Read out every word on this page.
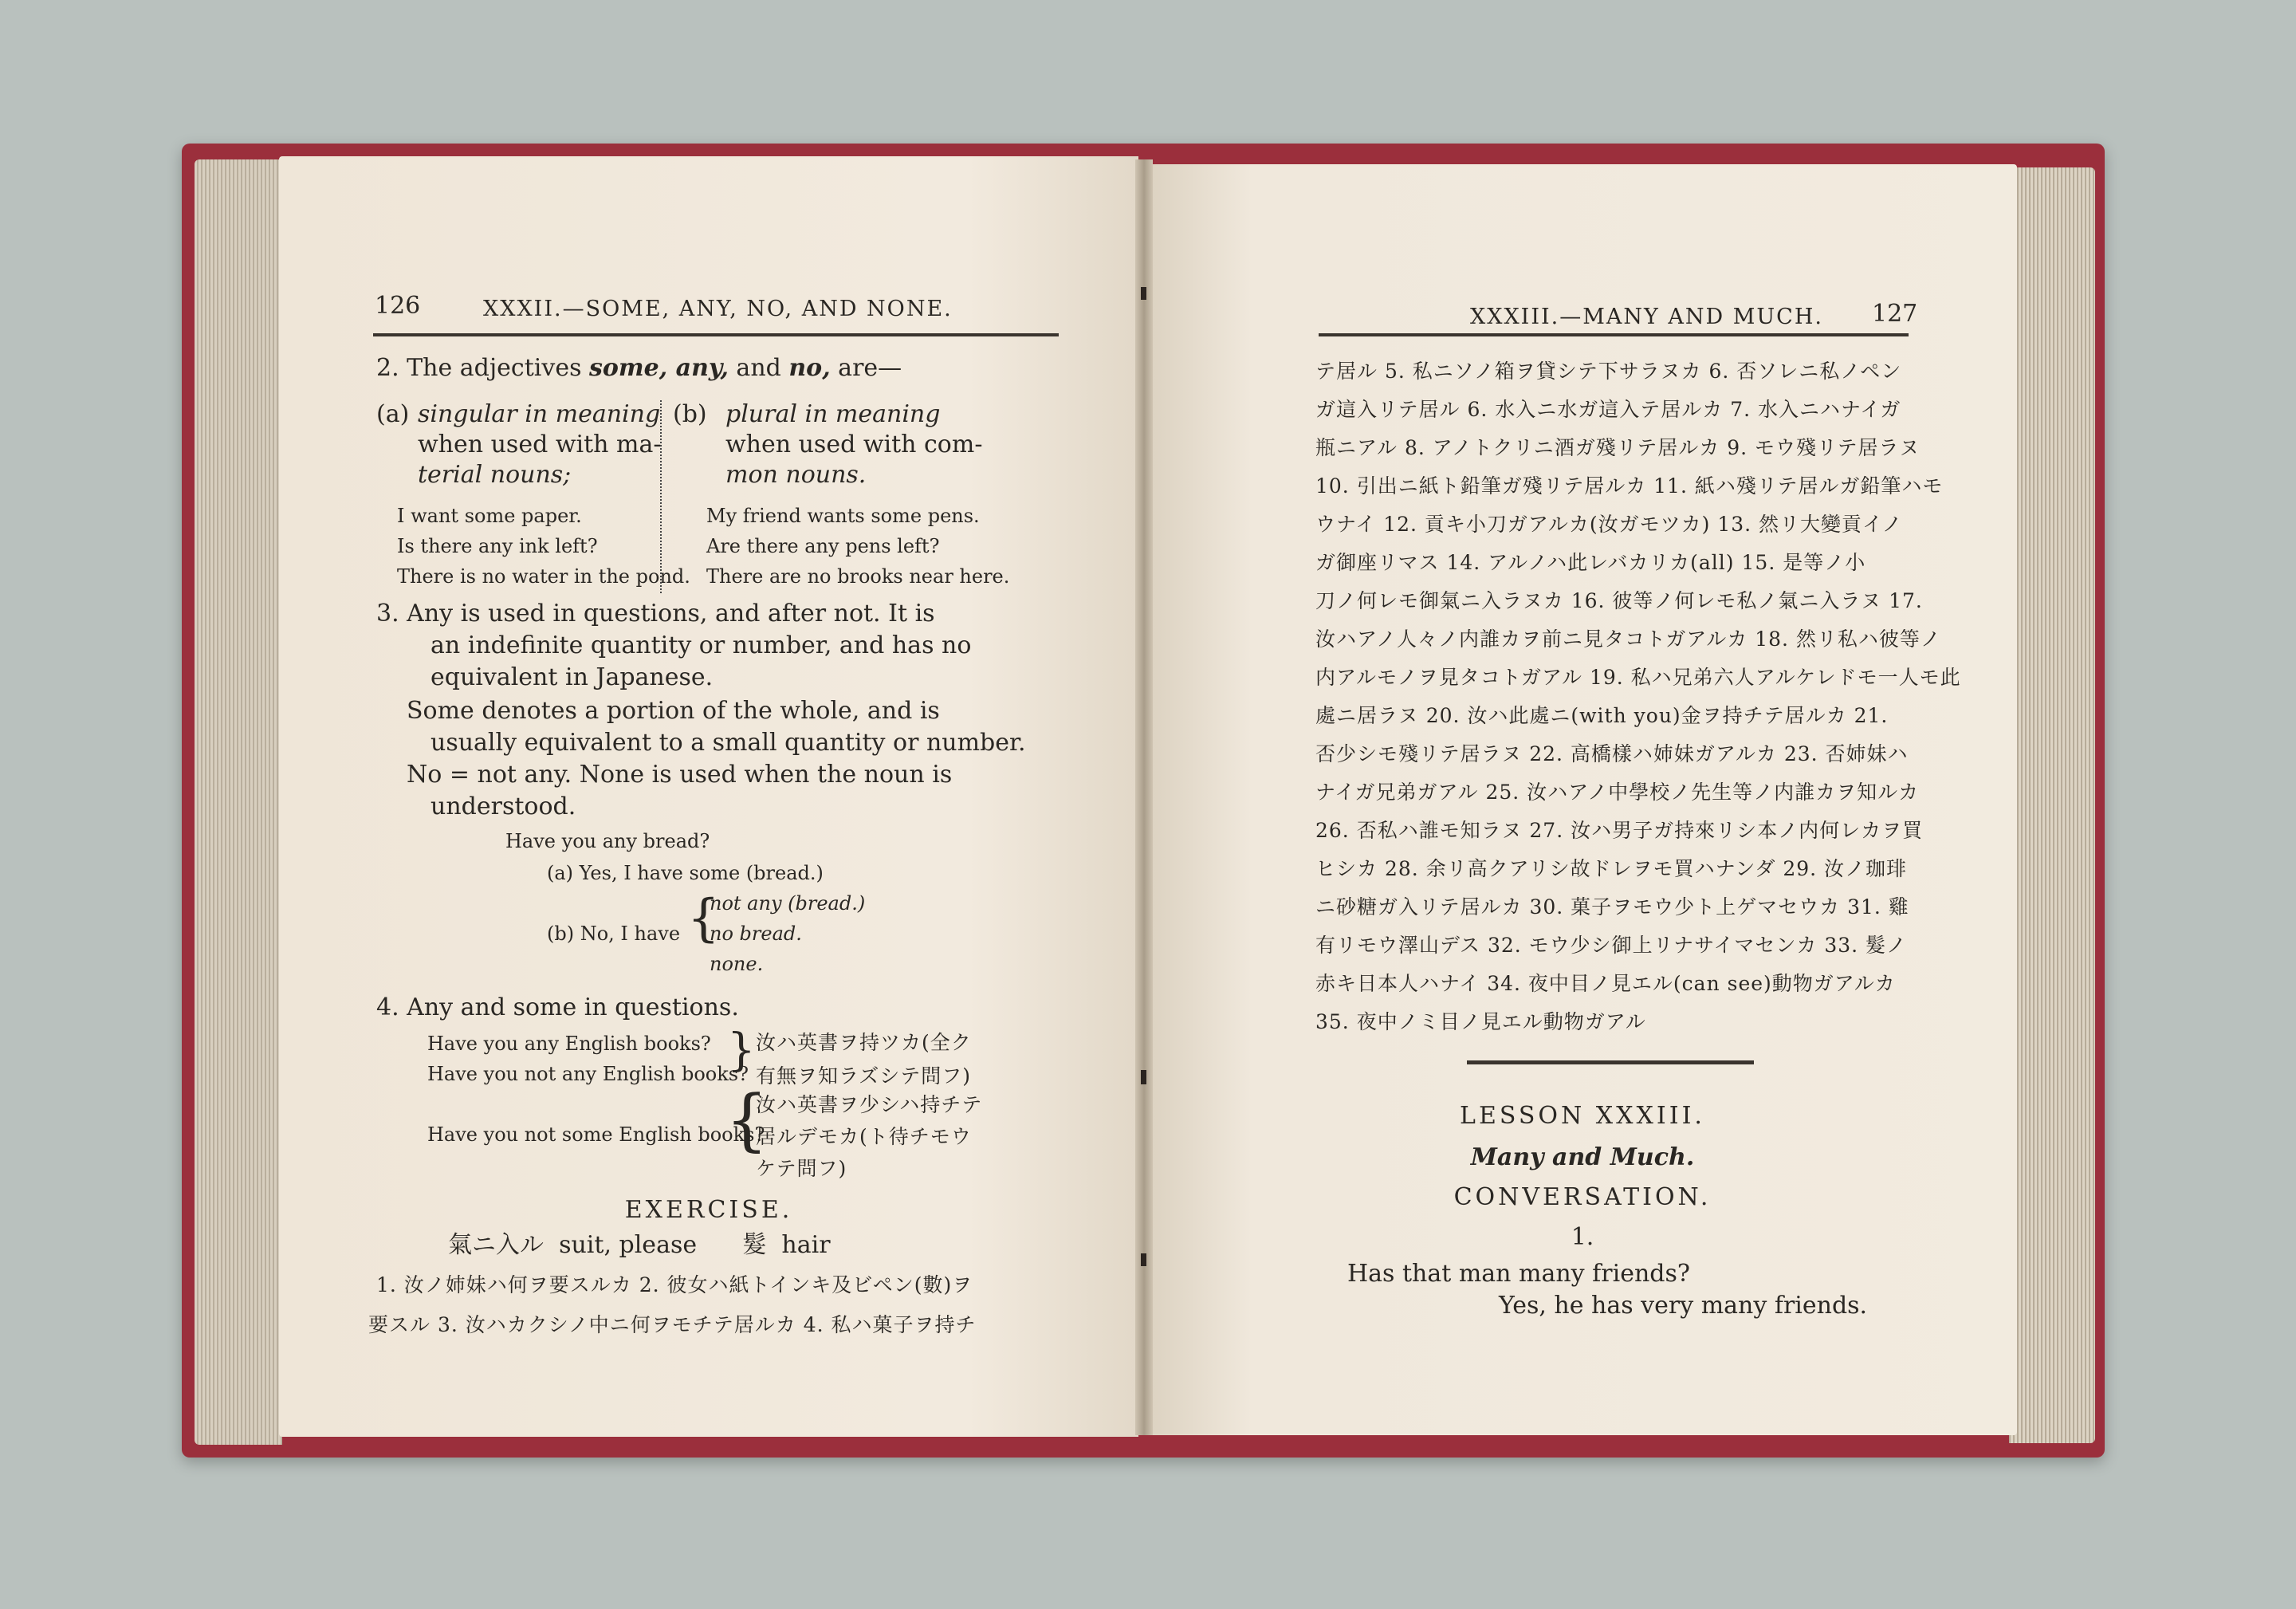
126	XXXII.—SOME, ANY, NO, AND NONE.
2. The adjectives some, any, and no, are—
(a) singular in meaning
when used with ma-
terial nouns;
I want some paper.
Is there any ink left?
There is no water in the pond.
(b) plural in meaning
when used with com-
mon nouns.
My friend wants some pens.
Are there any pens left?
There are no brooks near here.
3. Any is used in questions, and after not. It is
an indefinite quantity or number, and has no
equivalent in Japanese.
Some denotes a portion of the whole, and is
usually equivalent to a small quantity or number.
No = not any. None is used when the noun is
understood.
Have you any bread?
(a) Yes, I have some (bread.)
(b) No, I have {
not any (bread.)
no bread.
none.
4. Any and some in questions.
Have you any English books?
Have you not any English books?
} 汝ハ英書ヲ持ツカ(全ク
有無ヲ知ラズシテ問フ)
Have you not some English books?
{
汝ハ英書ヲ少シハ持チテ
居ルデモカ(ト待チモウ
ケテ問フ)
EXERCISE.
氣ニ入ル  suit, please      髮  hair
1. 汝ノ姉妹ハ何ヲ要スルカ 2. 彼女ハ紙トインキ及ビペン(數)ヲ
要スル 3. 汝ハカクシノ中ニ何ヲモチテ居ルカ 4. 私ハ菓子ヲ持チ
XXXIII.—MANY AND MUCH. 127
テ居ル 5. 私ニソノ箱ヲ貸シテ下サラヌカ 6. 否ソレニ私ノペン
ガ這入リテ居ル 6. 水入ニ水ガ這入テ居ルカ 7. 水入ニハナイガ
瓶ニアル 8. アノトクリニ酒ガ殘リテ居ルカ 9. モウ殘リテ居ラヌ
10. 引出ニ紙ト鉛筆ガ殘リテ居ルカ 11. 紙ハ殘リテ居ルガ鉛筆ハモ
ウナイ 12. 貢キ小刀ガアルカ(汝ガモツカ) 13. 然リ大變貢イノ
ガ御座リマス 14. アルノハ此レバカリカ(all) 15. 是等ノ小
刀ノ何レモ御氣ニ入ラヌカ 16. 彼等ノ何レモ私ノ氣ニ入ラヌ 17.
汝ハアノ人々ノ内誰カヲ前ニ見タコトガアルカ 18. 然リ私ハ彼等ノ
内アルモノヲ見タコトガアル 19. 私ハ兄弟六人アルケレドモ一人モ此
處ニ居ラヌ 20. 汝ハ此處ニ(with you)金ヲ持チテ居ルカ 21.
否少シモ殘リテ居ラヌ 22. 高橋樣ハ姉妹ガアルカ 23. 否姉妹ハ
ナイガ兄弟ガアル 25. 汝ハアノ中學校ノ先生等ノ内誰カヲ知ルカ
26. 否私ハ誰モ知ラヌ 27. 汝ハ男子ガ持來リシ本ノ内何レカヲ買
ヒシカ 28. 余リ高クアリシ故ドレヲモ買ハナンダ 29. 汝ノ珈琲
ニ砂糖ガ入リテ居ルカ 30. 菓子ヲモウ少ト上ゲマセウカ 31. 雞
有リモウ澤山デス 32. モウ少シ御上リナサイマセンカ 33. 髮ノ
赤キ日本人ハナイ 34. 夜中目ノ見エル(can see)動物ガアルカ
35. 夜中ノミ目ノ見エル動物ガアル
LESSON XXXIII.
Many and Much.
CONVERSATION.
1.
Has that man many friends?
Yes, he has very many friends.
